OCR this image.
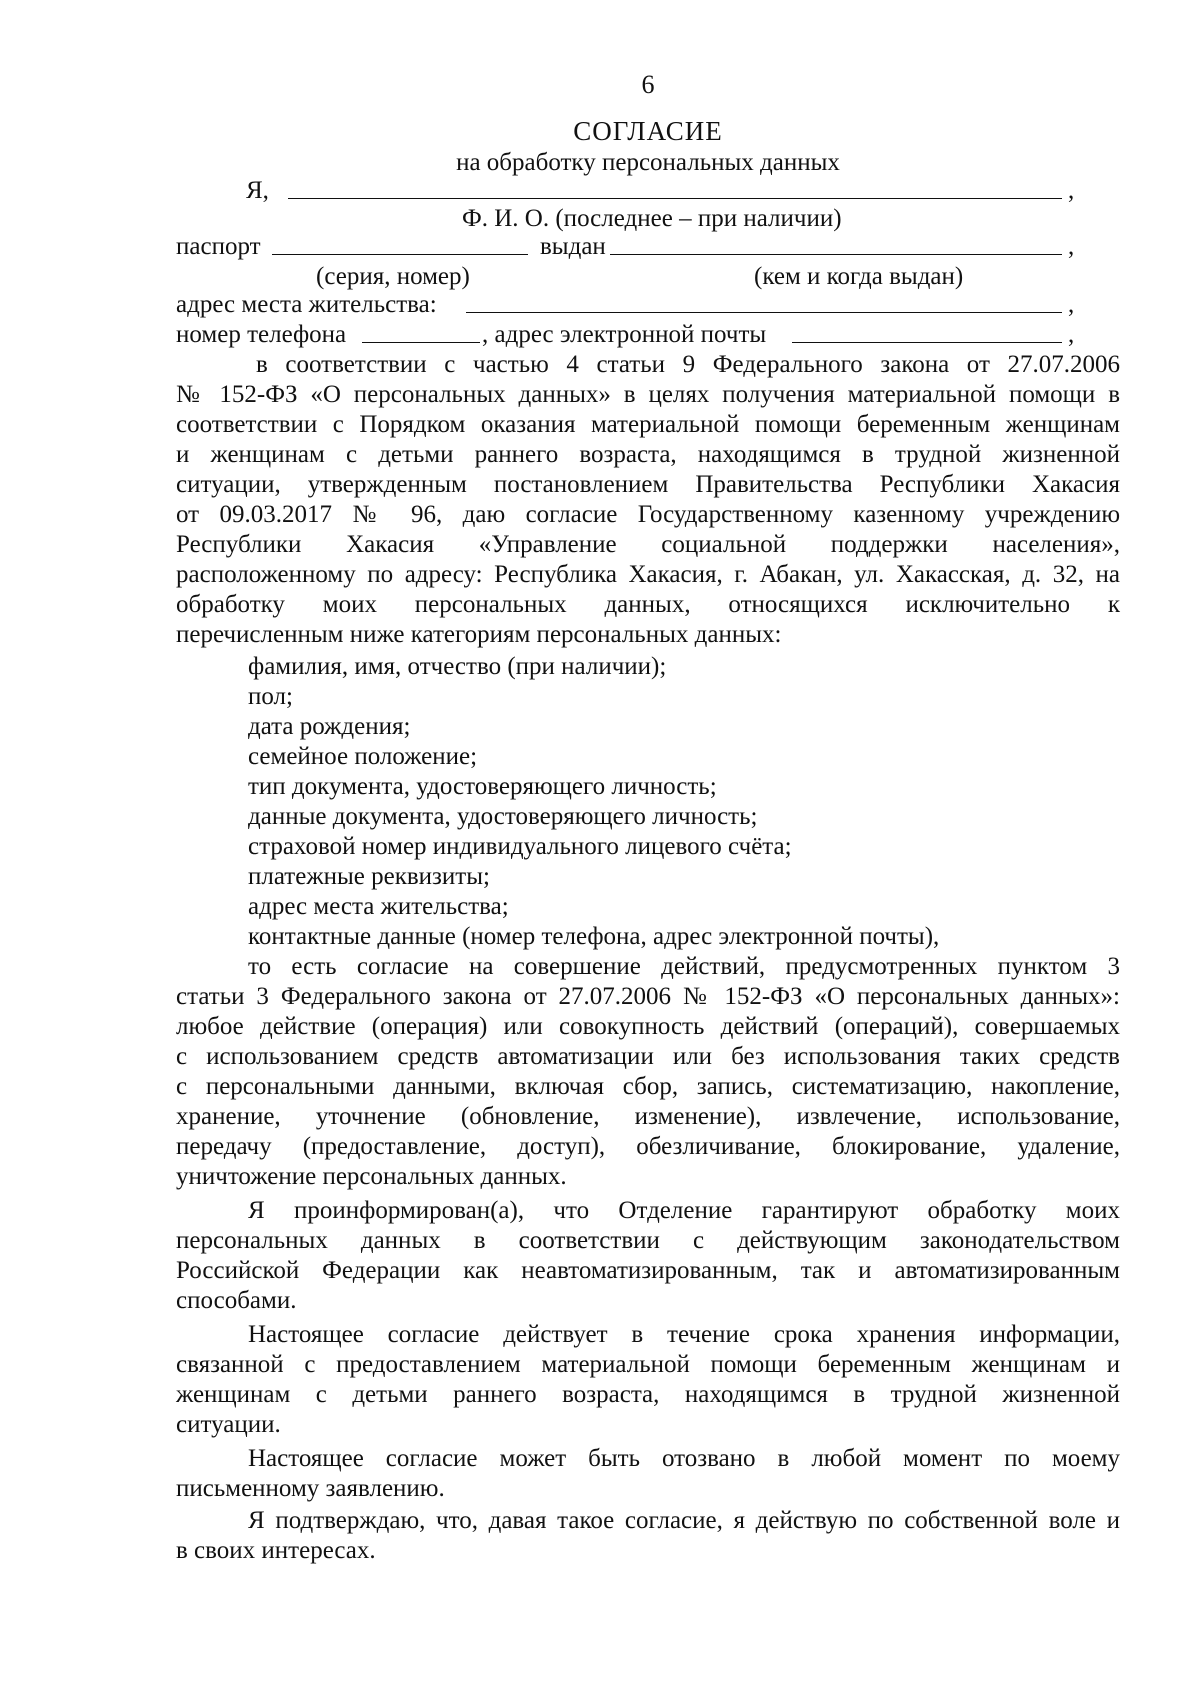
6
СОГЛАСИЕ
на обработку персональных данных
Я,	,
Ф. И. О. (последнее – при наличии)
паспорт	выдан	,
(серия, номер)	(кем и когда выдан)
адрес места жительства:	,
номер телефона	, адрес электронной почты	,
в соответствии с частью 4 статьи 9 Федерального закона от 27.07.2006
№ 152-ФЗ «О персональных данных» в целях получения материальной помощи в
соответствии с Порядком оказания материальной помощи беременным женщинам
и женщинам с детьми раннего возраста, находящимся в трудной жизненной
ситуации, утвержденным постановлением Правительства Республики Хакасия
от 09.03.2017 № 96, даю согласие Государственному казенному учреждению
Республики Хакасия «Управление социальной поддержки населения»,
расположенному по адресу: Республика Хакасия, г. Абакан, ул. Хакасская, д. 32, на
обработку моих персональных данных, относящихся исключительно к
перечисленным ниже категориям персональных данных:
фамилия, имя, отчество (при наличии);
пол;
дата рождения;
семейное положение;
тип документа, удостоверяющего личность;
данные документа, удостоверяющего личность;
страховой номер индивидуального лицевого счёта;
платежные реквизиты;
адрес места жительства;
контактные данные (номер телефона, адрес электронной почты),
то есть согласие на совершение действий, предусмотренных пунктом 3
статьи 3 Федерального закона от 27.07.2006 № 152-ФЗ «О персональных данных»:
любое действие (операция) или совокупность действий (операций), совершаемых
с использованием средств автоматизации или без использования таких средств
с персональными данными, включая сбор, запись, систематизацию, накопление,
хранение, уточнение (обновление, изменение), извлечение, использование,
передачу (предоставление, доступ), обезличивание, блокирование, удаление,
уничтожение персональных данных.
Я проинформирован(а), что Отделение гарантируют обработку моих
персональных данных в соответствии с действующим законодательством
Российской Федерации как неавтоматизированным, так и автоматизированным
способами.
Настоящее согласие действует в течение срока хранения информации,
связанной с предоставлением материальной помощи беременным женщинам и
женщинам с детьми раннего возраста, находящимся в трудной жизненной
ситуации.
Настоящее согласие может быть отозвано в любой момент по моему
письменному заявлению.
Я подтверждаю, что, давая такое согласие, я действую по собственной воле и
в своих интересах.
